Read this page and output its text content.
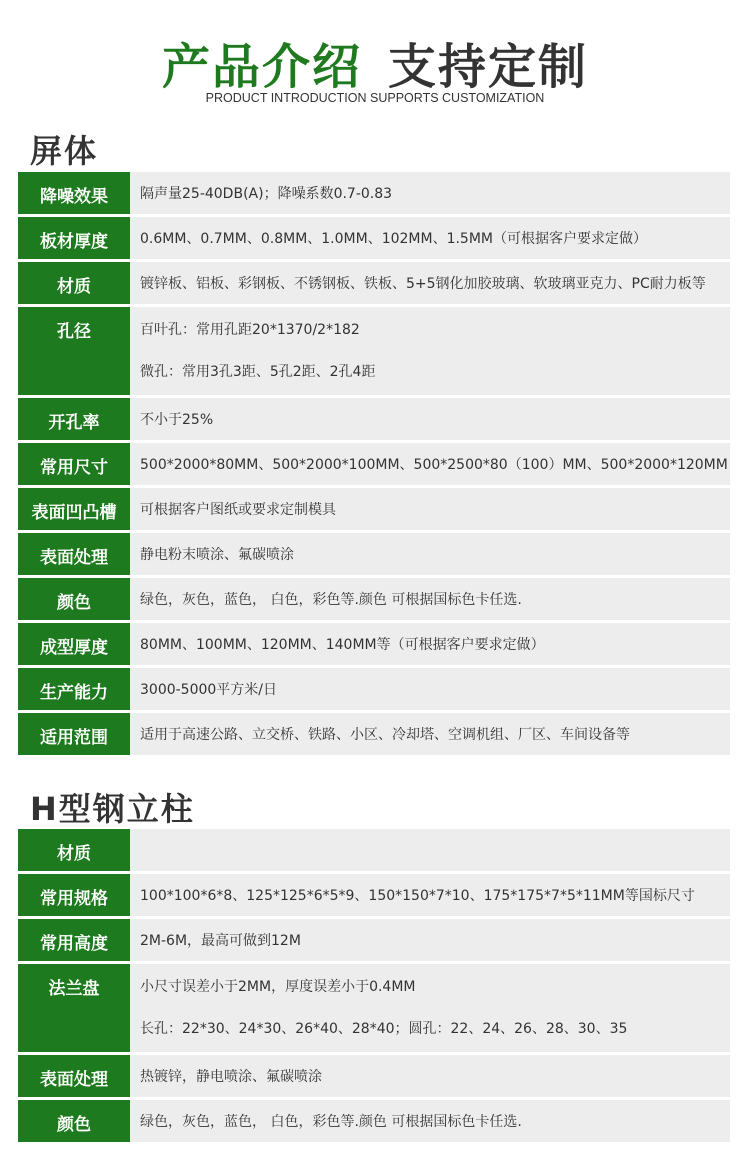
产品介绍 支持定制
PRODUCT INTRODUCTION SUPPORTS CUSTOMIZATION
屏体
降噪效果	隔声量25-40DB(A)；降噪系数0.7-0.83
板材厚度	0.6MM、0.7MM、0.8MM、1.0MM、102MM、1.5MM（可根据客户要求定做）
材质	镀锌板、铝板、彩钢板、不锈钢板、铁板、5+5钢化加胶玻璃、软玻璃亚克力、PC耐力板等
孔径	百叶孔：常用孔距20*1370/2*182
微孔：常用3孔3距、5孔2距、2孔4距
开孔率	不小于25%
常用尺寸	500*2000*80MM、500*2000*100MM、500*2500*80（100）MM、500*2000*120MM
表面凹凸槽	可根据客户图纸或要求定制模具
表面处理	静电粉末喷涂、氟碳喷涂
颜色	绿色，灰色，蓝色， 白色，彩色等.颜色 可根据国标色卡任选.
成型厚度	80MM、100MM、120MM、140MM等（可根据客户要求定做）
生产能力	3000-5000平方米/日
适用范围	适用于高速公路、立交桥、铁路、小区、冷却塔、空调机组、厂区、车间设备等
H型钢立柱
材质
常用规格	100*100*6*8、125*125*6*5*9、150*150*7*10、175*175*7*5*11MM等国标尺寸
常用高度	2M-6M，最高可做到12M
法兰盘	小尺寸误差小于2MM，厚度误差小于0.4MM
长孔：22*30、24*30、26*40、28*40；圆孔：22、24、26、28、30、35
表面处理	热镀锌，静电喷涂、氟碳喷涂
颜色	绿色，灰色，蓝色， 白色，彩色等.颜色 可根据国标色卡任选.
